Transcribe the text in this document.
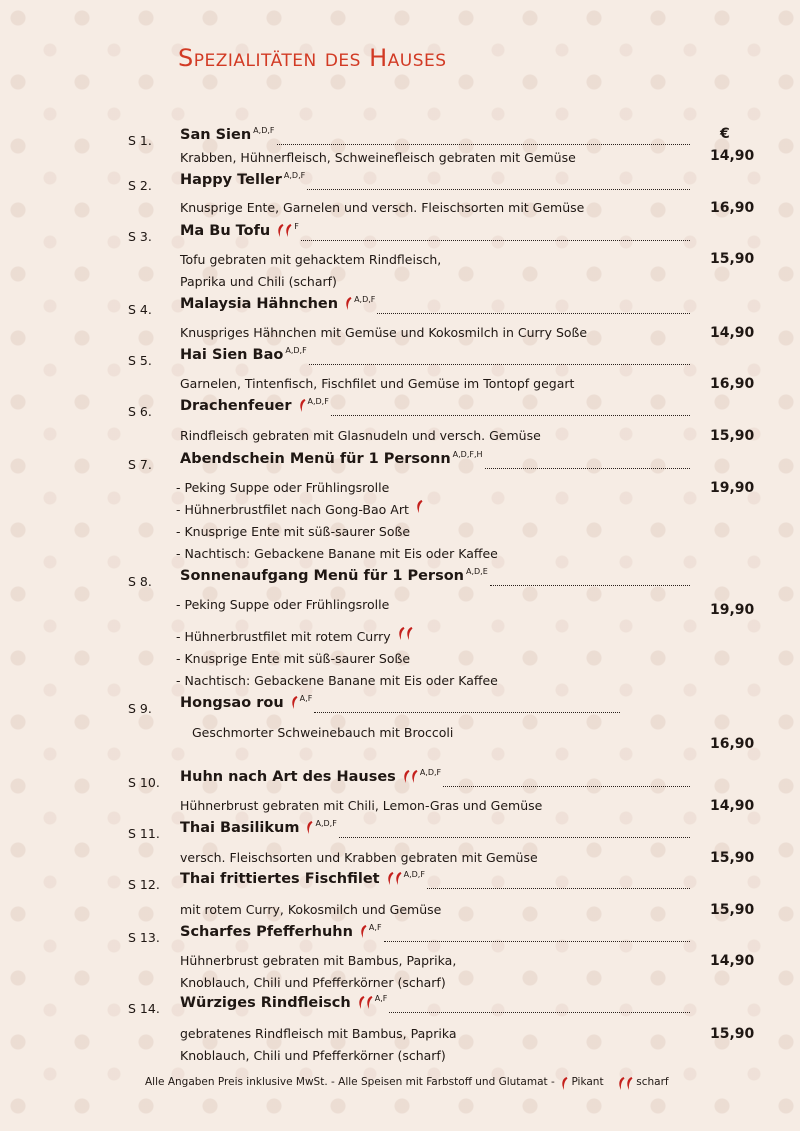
Spezialitäten des Hauses
€
S 1. San Sien $^{A,D,F}$
Krabben, Hühnerfleisch, Schweinefleisch gebraten mit Gemüse	14,90
S 2. Happy Teller $^{A,D,F}$
Knusprige Ente, Garnelen und versch. Fleischsorten mit Gemüse	16,90
S 3. Ma Bu Tofu	$^F$
Tofu gebraten mit gehacktem Rindfleisch,
Paprika und Chili (scharf)
15,90
S 4. Malaysia Hähnchen $^{A,D,F}$
Knuspriges Hähnchen mit Gemüse und Kokosmilch in Curry Soße	14,90
S 5. Hai Sien Bao $^{A,D,F}$
Garnelen, Tintenfisch, Fischfilet und Gemüse im Tontopf gegart	16,90
S 6. Drachenfeuer $^{A,D,F}$
Rindfleisch gebraten mit Glasnudeln und versch. Gemüse	15,90
S 7. Abendschein Menü für 1 Personn $^{A,D,F,H}$
- Peking Suppe oder Frühlingsrolle
- Hühnerbrustfilet nach Gong-Bao Art
- Knusprige Ente mit süß-saurer Soße
- Nachtisch: Gebackene Banane mit Eis oder Kaffee
19,90
S 8. Sonnenaufgang Menü für 1 Person $^{A,D,E}$
- Peking Suppe oder Frühlingsrolle
- Hühnerbrustfilet mit rotem Curry
- Knusprige Ente mit süß-saurer Soße
- Nachtisch: Gebackene Banane mit Eis oder Kaffee
19,90
S 9. Hongsao rou $^{A,F}$
Geschmorter Schweinebauch mit Broccoli
16,90
S 10. Huhn nach Art des Hauses	$^{A,D,F}$
Hühnerbrust gebraten mit Chili, Lemon-Gras und Gemüse	14,90
S 11. Thai Basilikum $^{A,D,F}$
versch. Fleischsorten und Krabben gebraten mit Gemüse	15,90
S 12. Thai frittiertes Fischfilet	$^{A,D,F}$
mit rotem Curry, Kokosmilch und Gemüse	15,90
S 13. Scharfes Pfefferhuhn $^{A,F}$
Hühnerbrust gebraten mit Bambus, Paprika,
Knoblauch, Chili und Pfefferkörner (scharf)
14,90
S 14. Würziges Rindfleisch	$^{A,F}$
gebratenes Rindfleisch mit Bambus, Paprika
Knoblauch, Chili und Pfefferkörner (scharf)
15,90
Alle Angaben Preis inklusive MwSt. - Alle Speisen mit Farbstoff und Glutamat - Pikant	scharf
